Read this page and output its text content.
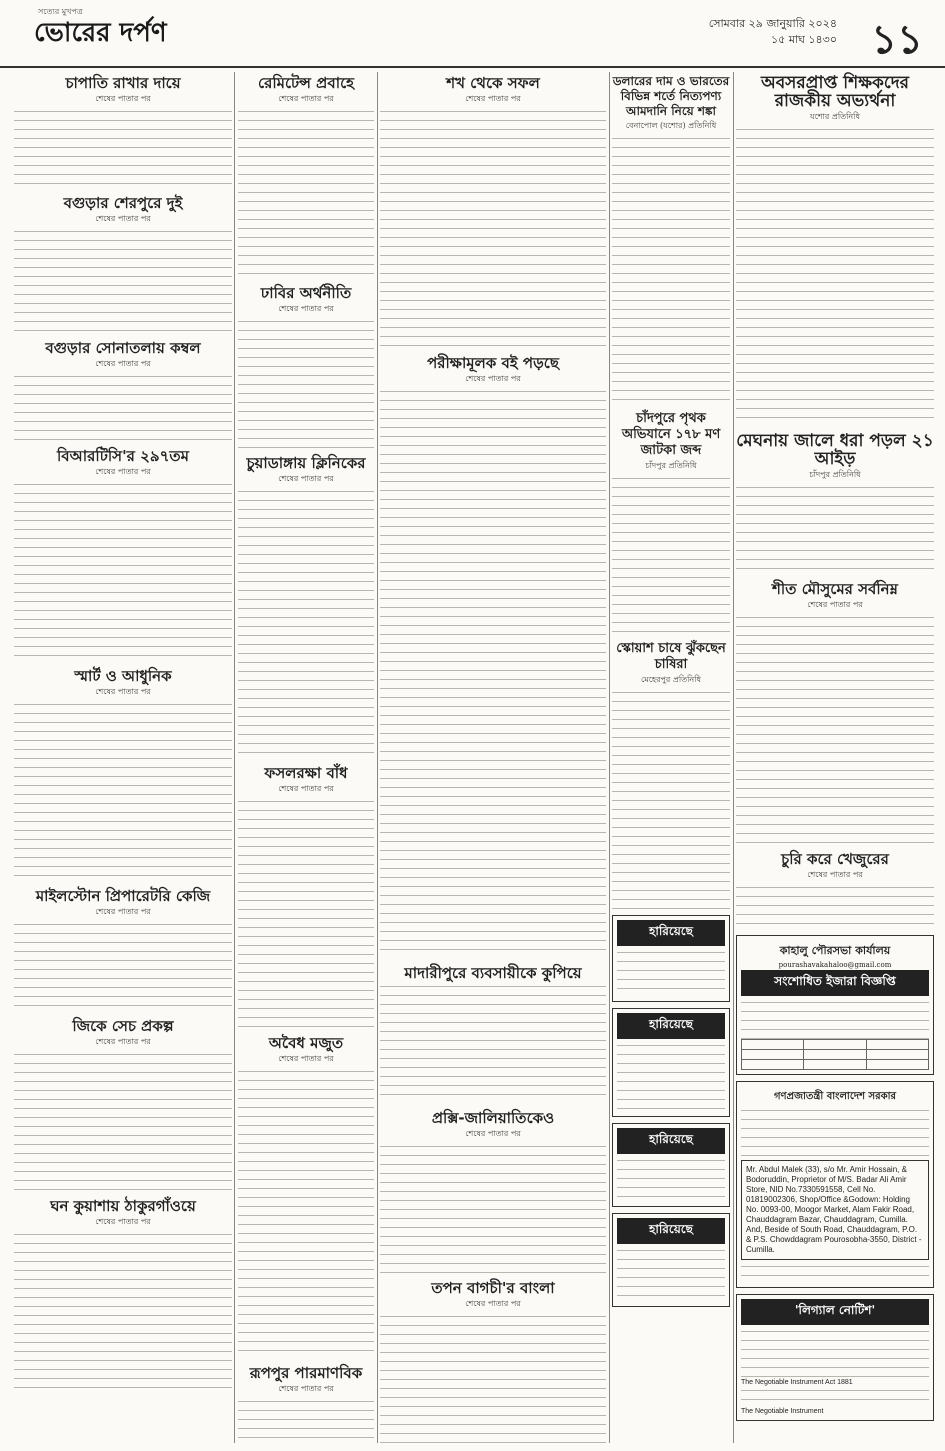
সত্যের মুখপত্র
ভোরের দর্পণ	সোমবার ২৯ জানুয়ারি ২০২৪
১৫ মাঘ ১৪৩০ ১১
চাপাতি রাখার দায়ে
শেষের পাতার পর
বগুড়ার শেরপুরে দুই
শেষের পাতার পর
বগুড়ার সোনাতলায় কম্বল
শেষের পাতার পর
বিআরটিসি'র ২৯৭তম
শেষের পাতার পর
স্মার্ট ও আধুনিক
শেষের পাতার পর
মাইলস্টোন প্রিপারেটরি কেজি
শেষের পাতার পর
জিকে সেচ প্রকল্প
শেষের পাতার পর
ঘন কুয়াশায় ঠাকুরগাঁওয়ে
শেষের পাতার পর
রেমিটেন্স প্রবাহে
শেষের পাতার পর
ঢাবির অর্থনীতি
শেষের পাতার পর
চুয়াডাঙ্গায় ক্লিনিকের
শেষের পাতার পর
ফসলরক্ষা বাঁধ
শেষের পাতার পর
অবৈধ মজুত
শেষের পাতার পর
রূপপুর পারমাণবিক
শেষের পাতার পর
শখ থেকে সফল
শেষের পাতার পর
পরীক্ষামূলক বই পড়ছে
শেষের পাতার পর
মাদারীপুরে ব্যবসায়ীকে কুপিয়ে
প্রক্সি-জালিয়াতিকেও
শেষের পাতার পর
তপন বাগচী'র বাংলা
শেষের পাতার পর
ডলারের দাম ও ভারতের বিভিন্ন শর্তে নিত্যপণ্য আমদানি নিয়ে শঙ্কা
বেনাপোল (যশোর) প্রতিনিধি
চাঁদপুরে পৃথক অভিযানে ১৭৮ মণ জাটকা জব্দ
চাঁদপুর প্রতিনিধি
স্কোয়াশ চাষে ঝুঁকছেন চাষিরা
মেহেরপুর প্রতিনিধি
হারিয়েছে
হারিয়েছে
হারিয়েছে
হারিয়েছে
অবসরপ্রাপ্ত শিক্ষকদের রাজকীয় অভ্যর্থনা
যশোর প্রতিনিধি
মেঘনায় জালে ধরা পড়ল ২১ আইড়
চাঁদপুর প্রতিনিধি
শীত মৌসুমের সর্বনিম্ন
শেষের পাতার পর
চুরি করে খেজুরের
শেষের পাতার পর
কাহালু পৌরসভা কার্যালয়
pourashavakahaloo@gmail.com
সংশোধিত ইজারা বিজ্ঞপ্তি

গণপ্রজাতন্ত্রী বাংলাদেশ সরকার
Mr. Abdul Malek (33), s/o Mr. Amir Hossain, & Bodoruddin, Proprietor of M/S. Badar Ali Amir Store, NID No.7330591558, Cell No. 01819002306, Shop/Office &Godown: Holding No. 0093-00, Moogor Market, Alam Fakir Road, Chauddagram Bazar, Chauddagram, Cumilla. And, Beside of South Road, Chauddagram, P.O. & P.S. Chowddagram Pourosobha-3550, District - Cumilla.
'লিগ্যাল নোটিশ'
The Negotiable Instrument Act 1881
The Negotiable Instrument
